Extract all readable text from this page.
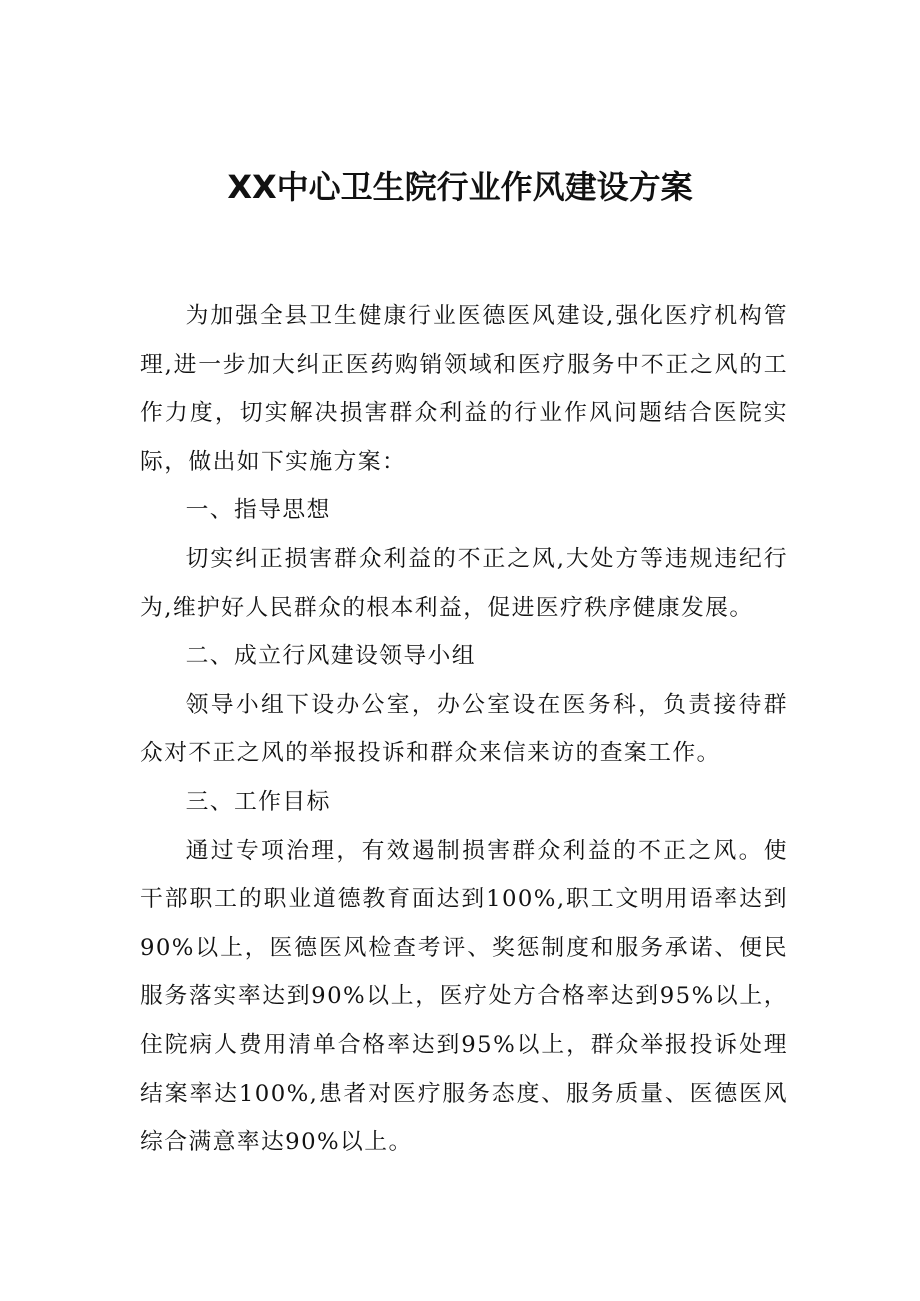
XX中心卫生院行业作风建设方案

为加强全县卫生健康行业医德医风建设,强化医疗机构管理,进一步加大纠正医药购销领域和医疗服务中不正之风的工作力度，切实解决损害群众利益的行业作风问题结合医院实际，做出如下实施方案：

一、指导思想

切实纠正损害群众利益的不正之风,大处方等违规违纪行为,维护好人民群众的根本利益，促进医疗秩序健康发展。

二、成立行风建设领导小组

领导小组下设办公室，办公室设在医务科，负责接待群众对不正之风的举报投诉和群众来信来访的查案工作。

三、工作目标

通过专项治理，有效遏制损害群众利益的不正之风。使干部职工的职业道德教育面达到100%,职工文明用语率达到90%以上，医德医风检查考评、奖惩制度和服务承诺、便民服务落实率达到90%以上，医疗处方合格率达到95%以上，住院病人费用清单合格率达到95%以上，群众举报投诉处理结案率达100%,患者对医疗服务态度、服务质量、医德医风综合满意率达90%以上。
